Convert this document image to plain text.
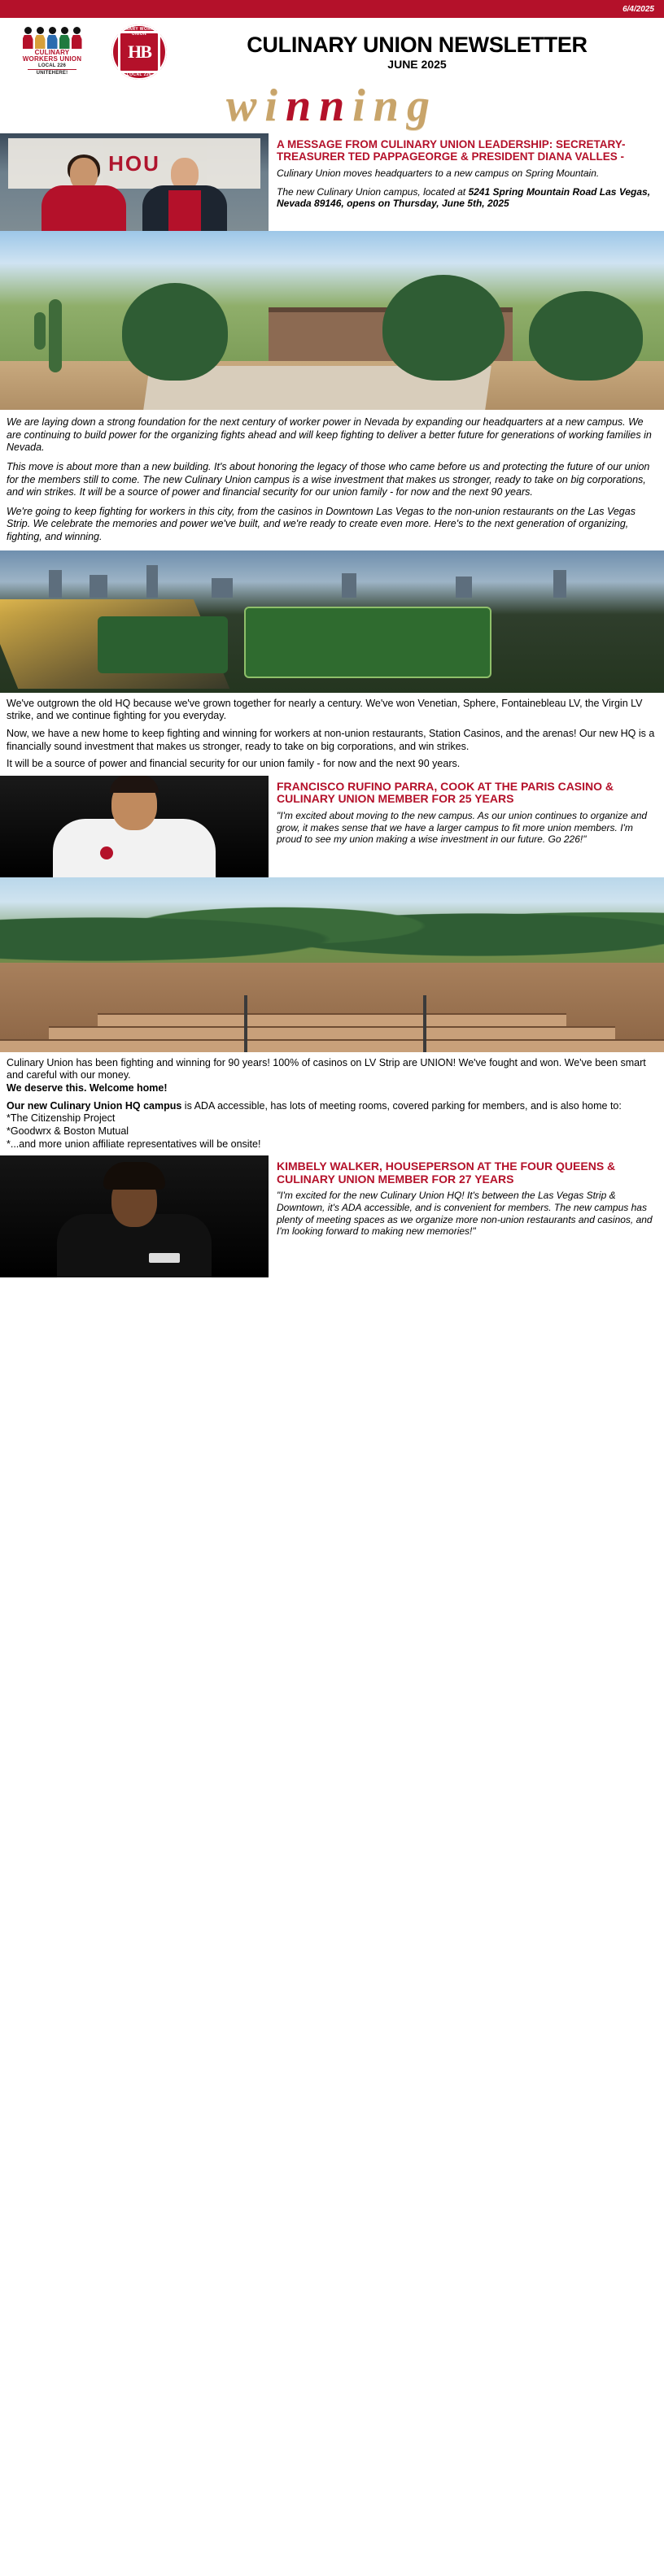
6/4/2025
CULINARY
WORKERS UNION
LOCAL 226
UNITEHERE!
CULINARY WORKERS UNION
HB
LOCAL 226
CULINARY UNION NEWSLETTER
JUNE 2025
winning
HOU
A MESSAGE FROM CULINARY UNION LEADERSHIP: SECRETARY-TREASURER TED PAPPAGEORGE & PRESIDENT DIANA VALLES -
Culinary Union moves headquarters to a new campus on Spring Mountain.
The new Culinary Union campus, located at 5241 Spring Mountain Road Las Vegas, Nevada 89146, opens on Thursday, June 5th, 2025
We are laying down a strong foundation for the next century of worker power in Nevada by expanding our headquarters at a new campus. We are continuing to build power for the organizing fights ahead and will keep fighting to deliver a better future for generations of working families in Nevada.
This move is about more than a new building. It's about honoring the legacy of those who came before us and protecting the future of our union for the members still to come. The new Culinary Union campus is a wise investment that makes us stronger, ready to take on big corporations, and win strikes. It will be a source of power and financial security for our union family - for now and the next 90 years.
We're going to keep fighting for workers in this city, from the casinos in Downtown Las Vegas to the non-union restaurants on the Las Vegas Strip. We celebrate the memories and power we've built, and we're ready to create even more. Here's to the next generation of organizing, fighting, and winning.
We've outgrown the old HQ because we've grown together for nearly a century. We've won Venetian, Sphere, Fontainebleau LV, the Virgin LV strike, and we continue fighting for you everyday.
Now, we have a new home to keep fighting and winning for workers at non-union restaurants, Station Casinos, and the arenas! Our new HQ is a financially sound investment that makes us stronger, ready to take on big corporations, and win strikes.
It will be a source of power and financial security for our union family - for now and the next 90 years.
FRANCISCO RUFINO PARRA, COOK AT THE PARIS CASINO & CULINARY UNION MEMBER FOR 25 YEARS
"I'm excited about moving to the new campus. As our union continues to organize and grow, it makes sense that we have a larger campus to fit more union members. I'm proud to see my union making a wise investment in our future. Go 226!"
Culinary Union has been fighting and winning for 90 years! 100% of casinos on LV Strip are UNION! We've fought and won. We've been smart and careful with our money.
We deserve this. Welcome home!
Our new Culinary Union HQ campus is ADA accessible, has lots of meeting rooms, covered parking for members, and is also home to:
*The Citizenship Project
*Goodwrx & Boston Mutual
*...and more union affiliate representatives will be onsite!
KIMBELY WALKER, HOUSEPERSON AT THE FOUR QUEENS & CULINARY UNION MEMBER FOR 27 YEARS
"I'm excited for the new Culinary Union HQ! It's between the Las Vegas Strip & Downtown, it's ADA accessible, and is convenient for members. The new campus has plenty of meeting spaces as we organize more non-union restaurants and casinos, and I'm looking forward to making new memories!"
